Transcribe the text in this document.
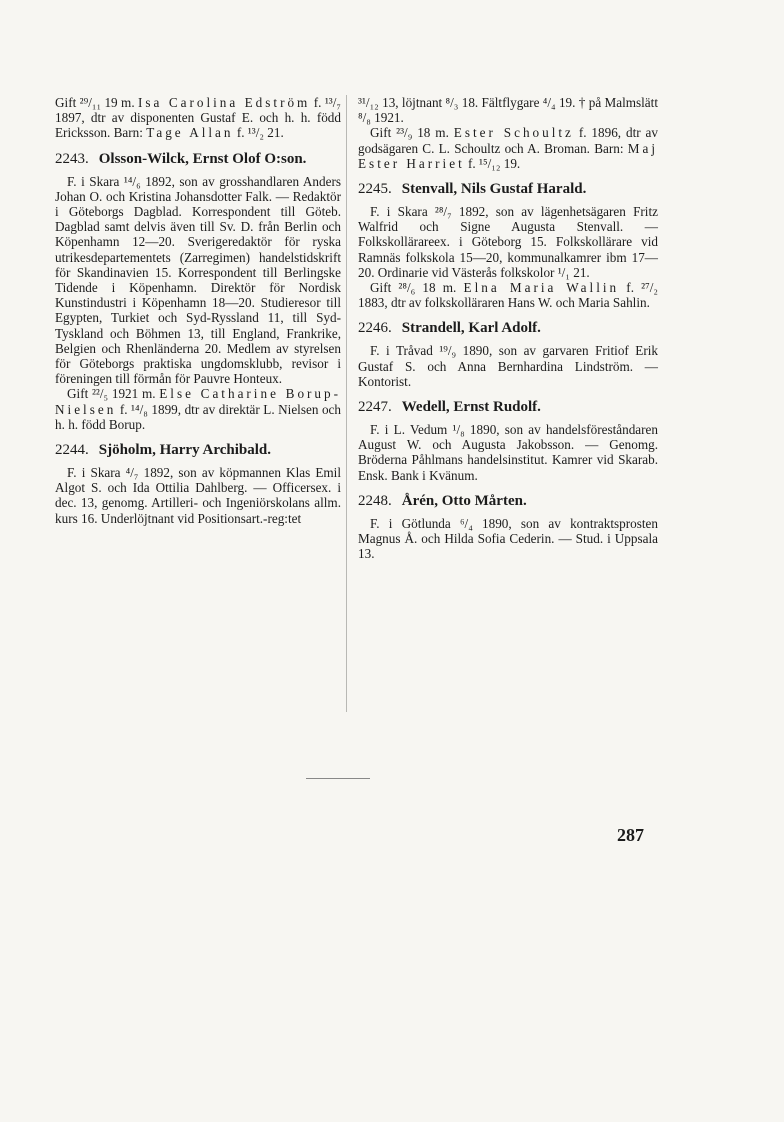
Gift ²⁹/₁₁ 19 m. Isa Carolina Edström f. ¹³/₇ 1897, dtr av disponenten Gustaf E. och h. h. född Ericksson. Barn: Tage Allan f. ¹³/₂ 21.

2243. Olsson-Wilck, Ernst Olof O:son.

F. i Skara ¹⁴/₆ 1892, son av grosshandlaren Anders Johan O. och Kristina Johansdotter Falk. — Redaktör i Göteborgs Dagblad. Korrespondent till Göteb. Dagblad samt delvis även till Sv. D. från Berlin och Köpenhamn 12—20. Sverigeredaktör för ryska utrikesdepartementets (Zarregimen) handelstidskrift för Skandinavien 15. Korrespondent till Berlingske Tidende i Köpenhamn. Direktör för Nordisk Kunstindustri i Köpenhamn 18—20. Studieresor till Egypten, Turkiet och Syd-Ryssland 11, till Syd-Tyskland och Böhmen 13, till England, Frankrike, Belgien och Rhenländerna 20. Medlem av styrelsen för Göteborgs praktiska ungdomsklubb, revisor i föreningen till förmån för Pauvre Honteux.

Gift ²²/₅ 1921 m. Else Catharine Borup-Nielsen f. ¹⁴/₈ 1899, dtr av direktär L. Nielsen och h. h. född Borup.

2244. Sjöholm, Harry Archibald.

F. i Skara ⁴/₇ 1892, son av köpmannen Klas Emil Algot S. och Ida Ottilia Dahlberg. — Officersex. i dec. 13, genomg. Artilleri- och Ingeniörskolans allm. kurs 16. Underlöjtnant vid Positionsart.-reg:tet

³¹/₁₂ 13, löjtnant ⁸/₃ 18. Fältflygare ⁴/₄ 19. † på Malmslätt ⁸/₈ 1921.

Gift ²³/₉ 18 m. Ester Schoultz f. 1896, dtr av godsägaren C. L. Schoultz och A. Broman. Barn: Maj Ester Harriet f. ¹⁵/₁₂ 19.

2245. Stenvall, Nils Gustaf Harald.

F. i Skara ²⁸/₇ 1892, son av lägenhetsägaren Fritz Walfrid och Signe Augusta Stenvall. — Folkskollärareex. i Göteborg 15. Folkskollärare vid Ramnäs folkskola 15—20, kommunalkamrer ibm 17—20. Ordinarie vid Västerås folkskolor ¹/₁ 21.

Gift ²⁸/₆ 18 m. Elna Maria Wallin f. ²⁷/₂ 1883, dtr av folkskolläraren Hans W. och Maria Sahlin.

2246. Strandell, Karl Adolf.

F. i Tråvad ¹⁹/₉ 1890, son av garvaren Fritiof Erik Gustaf S. och Anna Bernhardina Lindström. — Kontorist.

2247. Wedell, Ernst Rudolf.

F. i L. Vedum ¹/₈ 1890, son av handelsföreståndaren August W. och Augusta Jakobsson. — Genomg. Bröderna Påhlmans handelsinstitut. Kamrer vid Skarab. Ensk. Bank i Kvänum.

2248. Årén, Otto Mårten.

F. i Götlunda ⁶/₄ 1890, son av kontraktsprosten Magnus Å. och Hilda Sofia Cederin. — Stud. i Uppsala 13.

287
